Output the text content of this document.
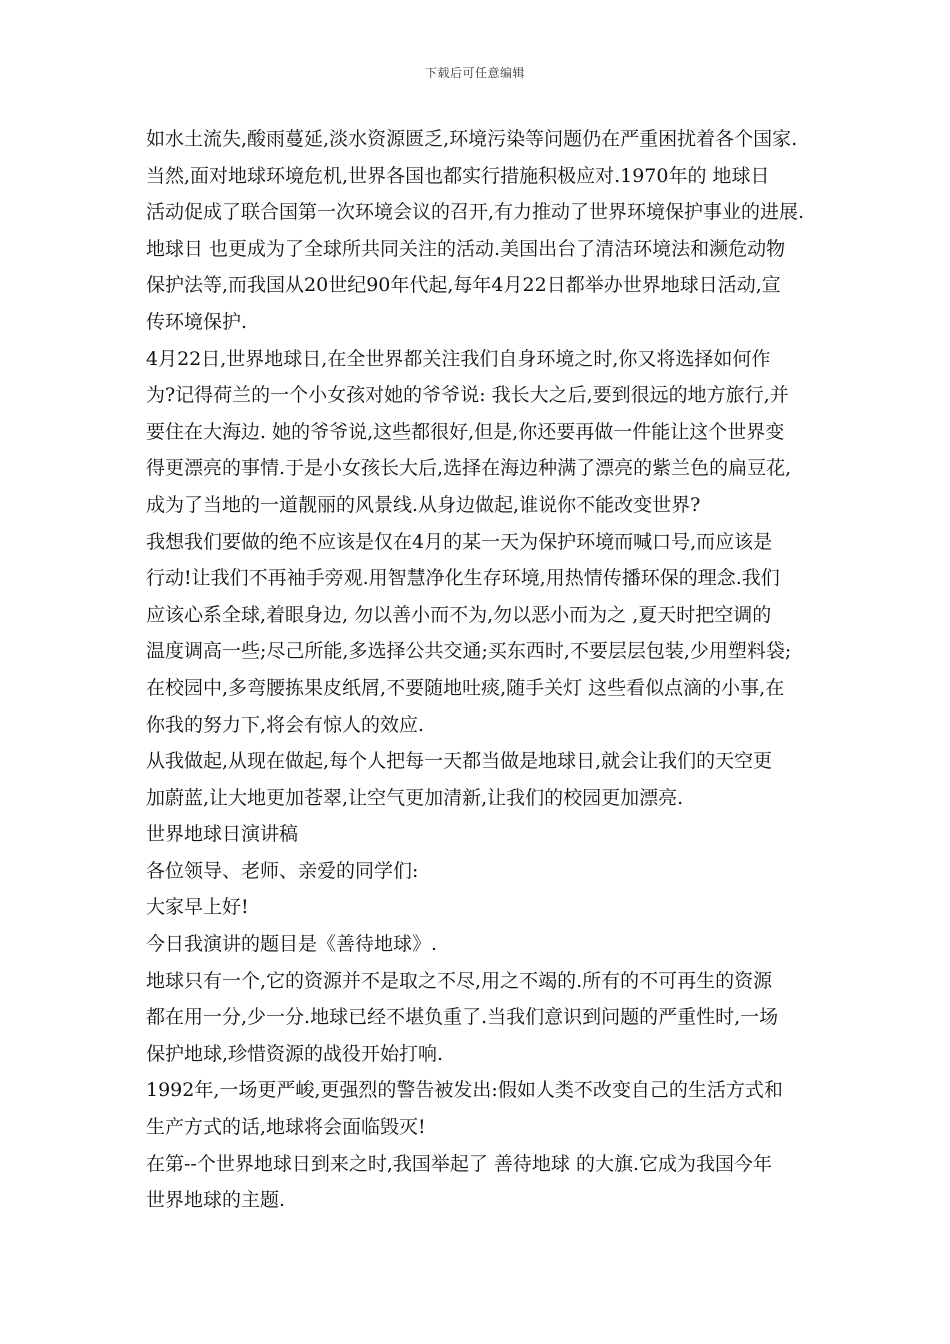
下载后可任意编辑
如水土流失,酸雨蔓延,淡水资源匮乏,环境污染等问题仍在严重困扰着各个国家.
当然,面对地球环境危机,世界各国也都实行措施积极应对.1970年的 地球日
活动促成了联合国第一次环境会议的召开,有力推动了世界环境保护事业的进展.
地球日 也更成为了全球所共同关注的活动.美国出台了清洁环境法和濒危动物
保护法等,而我国从20世纪90年代起,每年4月22日都举办世界地球日活动,宣
传环境保护.
4月22日,世界地球日,在全世界都关注我们自身环境之时,你又将选择如何作
为?记得荷兰的一个小女孩对她的爷爷说: 我长大之后,要到很远的地方旅行,并
要住在大海边. 她的爷爷说,这些都很好,但是,你还要再做一件能让这个世界变
得更漂亮的事情.于是小女孩长大后,选择在海边种满了漂亮的紫兰色的扁豆花,
成为了当地的一道靓丽的风景线.从身边做起,谁说你不能改变世界?
我想我们要做的绝不应该是仅在4月的某一天为保护环境而喊口号,而应该是
行动!让我们不再袖手旁观.用智慧净化生存环境,用热情传播环保的理念.我们
应该心系全球,着眼身边, 勿以善小而不为,勿以恶小而为之 ,夏天时把空调的
温度调高一些;尽己所能,多选择公共交通;买东西时,不要层层包装,少用塑料袋;
在校园中,多弯腰拣果皮纸屑,不要随地吐痰,随手关灯 这些看似点滴的小事,在
你我的努力下,将会有惊人的效应.
从我做起,从现在做起,每个人把每一天都当做是地球日,就会让我们的天空更
加蔚蓝,让大地更加苍翠,让空气更加清新,让我们的校园更加漂亮.
世界地球日演讲稿
各位领导、老师、亲爱的同学们:
大家早上好!
今日我演讲的题目是《善待地球》.
地球只有一个,它的资源并不是取之不尽,用之不竭的.所有的不可再生的资源
都在用一分,少一分.地球已经不堪负重了.当我们意识到问题的严重性时,一场
保护地球,珍惜资源的战役开始打响.
1992年,一场更严峻,更强烈的警告被发出:假如人类不改变自己的生活方式和
生产方式的话,地球将会面临毁灭!
在第--个世界地球日到来之时,我国举起了 善待地球 的大旗.它成为我国今年
世界地球的主题.
